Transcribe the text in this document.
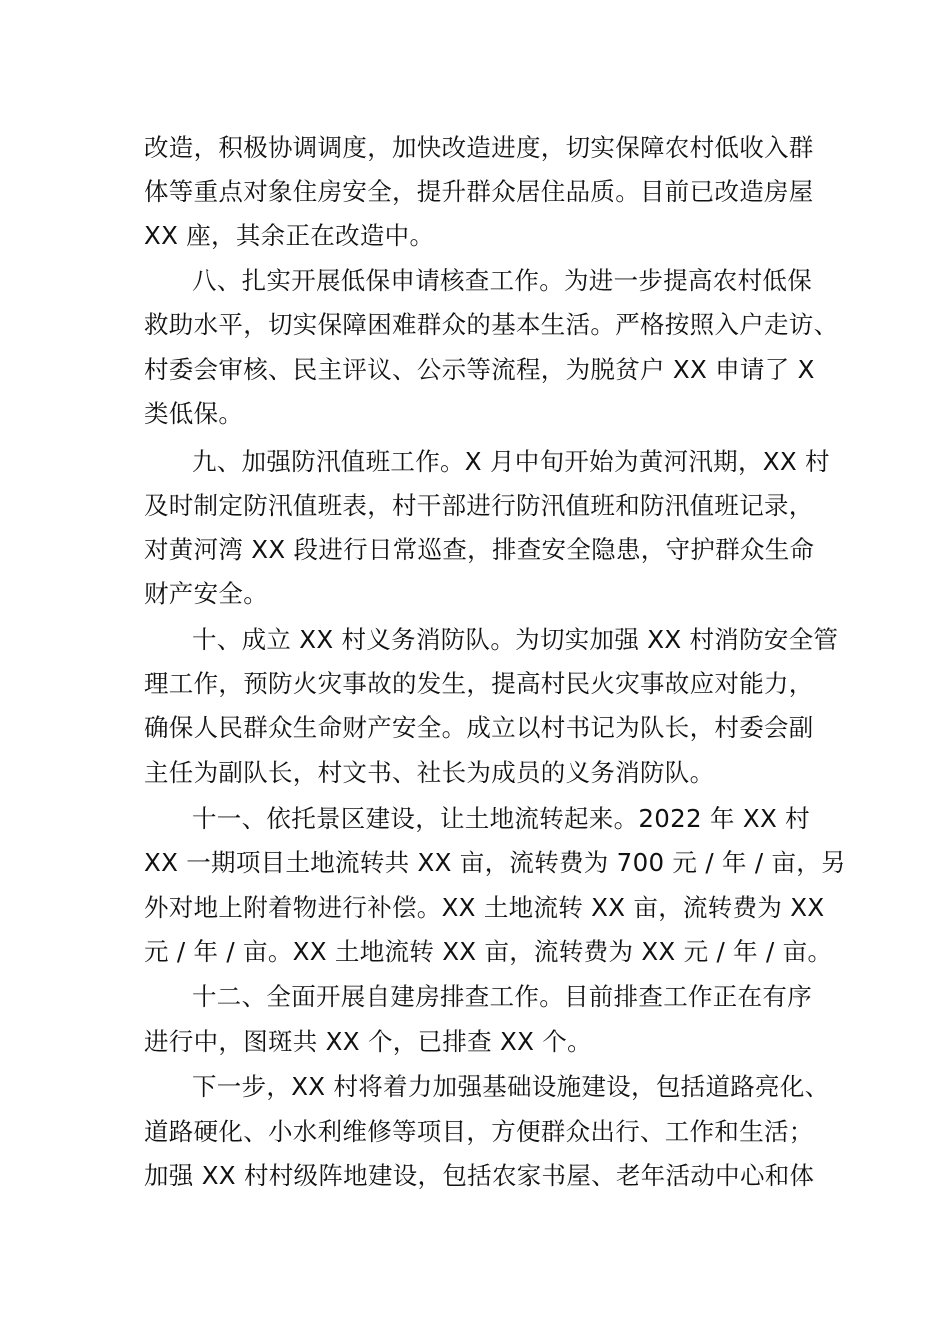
改造，积极协调调度，加快改造进度，切实保障农村低收入群
体等重点对象住房安全，提升群众居住品质。目前已改造房屋
XX 座，其余正在改造中。
八、扎实开展低保申请核查工作。为进一步提高农村低保
救助水平，切实保障困难群众的基本生活。严格按照入户走访、
村委会审核、民主评议、公示等流程，为脱贫户 XX 申请了 X
类低保。
九、加强防汛值班工作。X 月中旬开始为黄河汛期，XX 村
及时制定防汛值班表，村干部进行防汛值班和防汛值班记录，
对黄河湾 XX 段进行日常巡查，排查安全隐患，守护群众生命
财产安全。
十、成立 XX 村义务消防队。为切实加强 XX 村消防安全管
理工作，预防火灾事故的发生，提高村民火灾事故应对能力，
确保人民群众生命财产安全。成立以村书记为队长，村委会副
主任为副队长，村文书、社长为成员的义务消防队。
十一、依托景区建设，让土地流转起来。2022 年 XX 村
XX 一期项目土地流转共 XX 亩，流转费为 700 元 / 年 / 亩，另
外对地上附着物进行补偿。XX 土地流转 XX 亩，流转费为 XX
元 / 年 / 亩。XX 土地流转 XX 亩，流转费为 XX 元 / 年 / 亩。
十二、全面开展自建房排查工作。目前排查工作正在有序
进行中，图斑共 XX 个，已排查 XX 个。
下一步，XX 村将着力加强基础设施建设，包括道路亮化、
道路硬化、小水利维修等项目，方便群众出行、工作和生活；
加强 XX 村村级阵地建设，包括农家书屋、老年活动中心和体
